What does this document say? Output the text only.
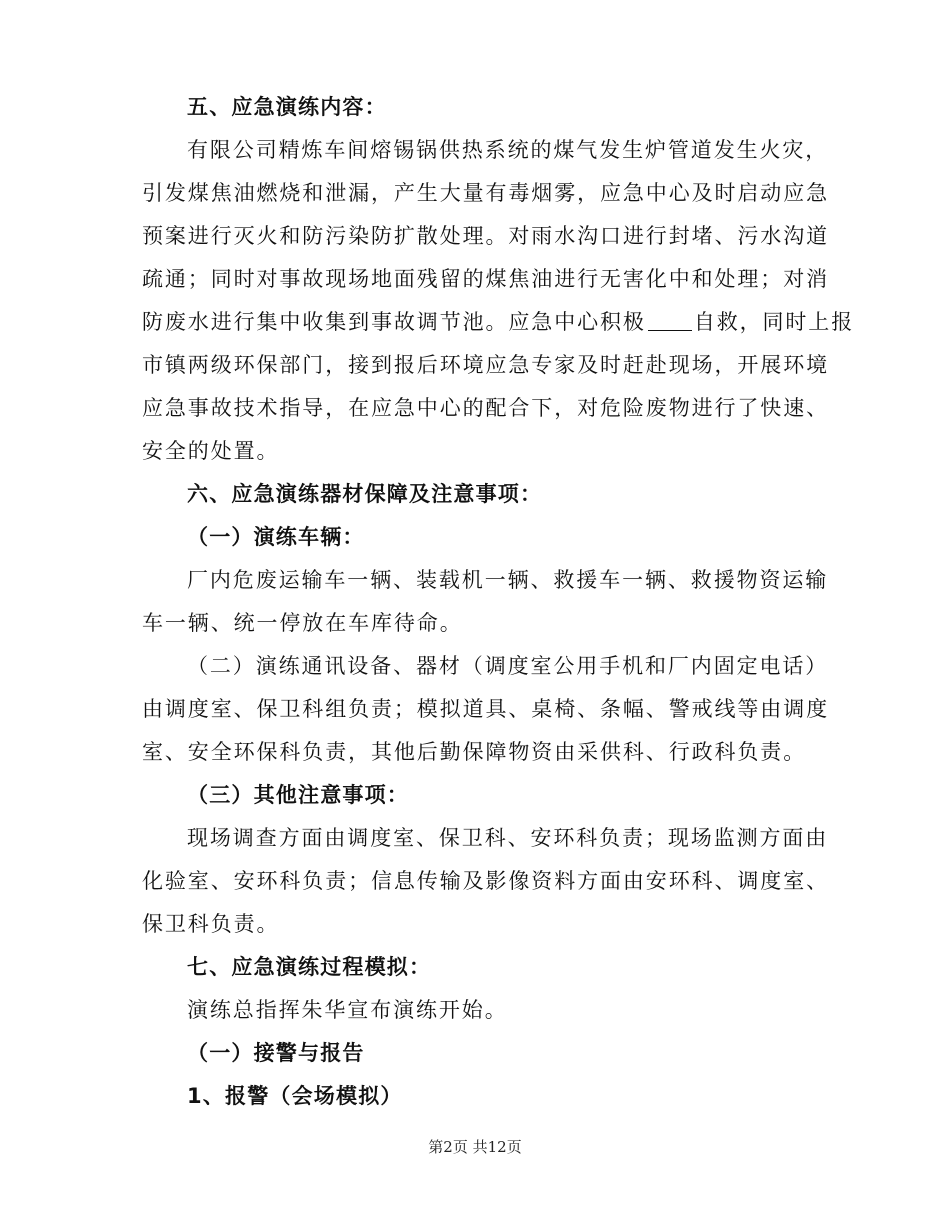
五、应急演练内容：
有限公司精炼车间熔锡锅供热系统的煤气发生炉管道发生火灾，
引发煤焦油燃烧和泄漏，产生大量有毒烟雾，应急中心及时启动应急
预案进行灭火和防污染防扩散处理。对雨水沟口进行封堵、污水沟道
疏通；同时对事故现场地面残留的煤焦油进行无害化中和处理；对消
防废水进行集中收集到事故调节池。应急中心积极 自救，同时上报
市镇两级环保部门，接到报后环境应急专家及时赶赴现场，开展环境
应急事故技术指导，在应急中心的配合下，对危险废物进行了快速、
安全的处置。
六、应急演练器材保障及注意事项：
（一）演练车辆：
厂内危废运输车一辆、装载机一辆、救援车一辆、救援物资运输
车一辆、统一停放在车库待命。
（二）演练通讯设备、器材（调度室公用手机和厂内固定电话）
由调度室、保卫科组负责；模拟道具、桌椅、条幅、警戒线等由调度
室、安全环保科负责，其他后勤保障物资由采供科、行政科负责。
（三）其他注意事项：
现场调查方面由调度室、保卫科、安环科负责；现场监测方面由
化验室、安环科负责；信息传输及影像资料方面由安环科、调度室、
保卫科负责。
七、应急演练过程模拟：
演练总指挥朱华宣布演练开始。
（一）接警与报告
1、报警（会场模拟）
第2页 共12页
